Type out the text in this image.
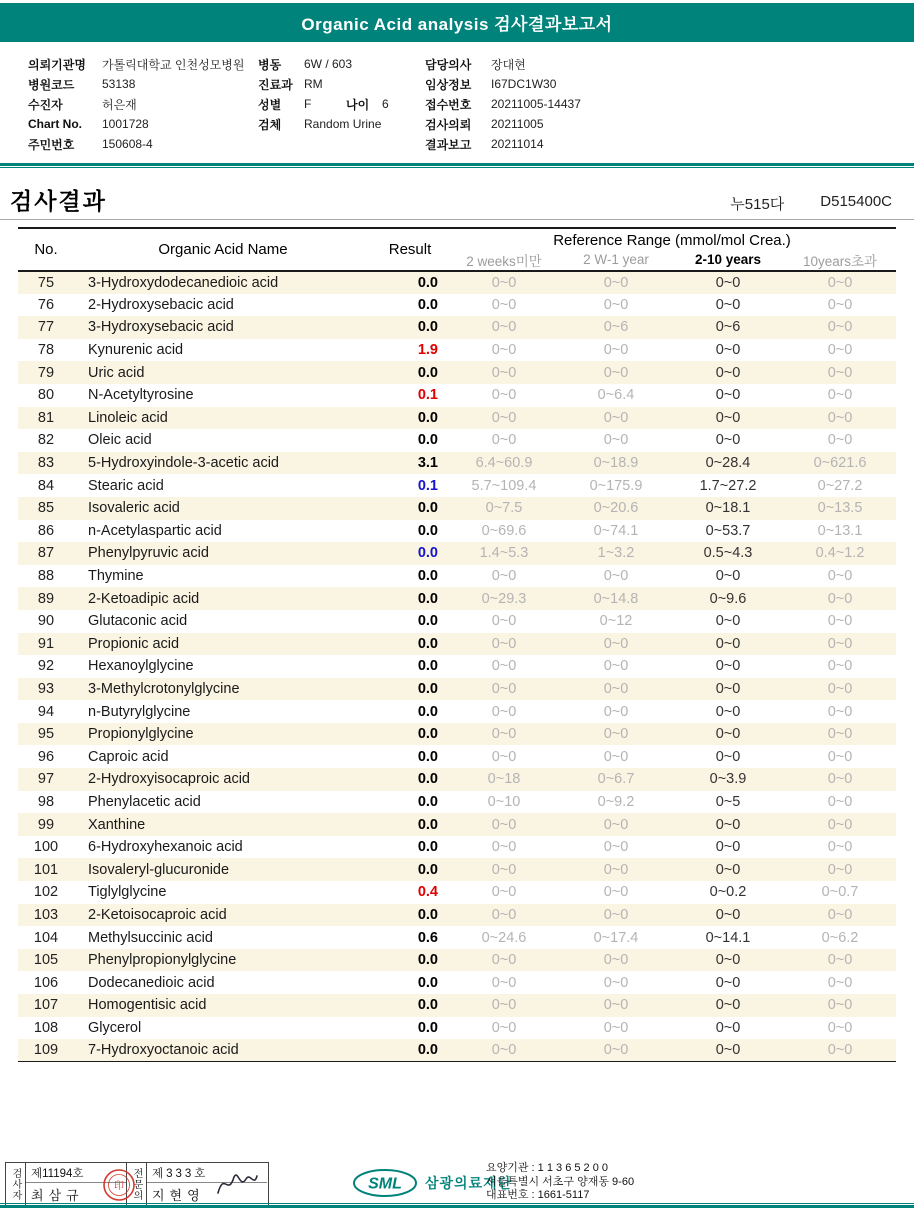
Organic Acid analysis 검사결과보고서
의뢰기관명	가톨릭대학교 인천성모병원
병원코드	53138
수진자	허은재
Chart No.	1001728
주민번호	150608-4
병동	6W / 603
진료과 RM
성별	F	나이	6
검체	Random Urine
담당의사	장대현
임상정보	I67DC1W30
접수번호	20211005-14437
검사의뢰	20211005
결과보고	20211014
검사결과	누515다 D515400C
No.	Organic Acid Name	Result	Reference Range (mmol/mol Crea.)			
			2 weeks미만	2 W-1 year	2-10 years	10years초과
75	3-Hydroxydodecanedioic acid	0.0	0~0	0~0	0~0	0~0
76	2-Hydroxysebacic acid	0.0	0~0	0~0	0~0	0~0
77	3-Hydroxysebacic acid	0.0	0~0	0~6	0~6	0~0
78	Kynurenic acid	1.9	0~0	0~0	0~0	0~0
79	Uric acid	0.0	0~0	0~0	0~0	0~0
80	N-Acetyltyrosine	0.1	0~0	0~6.4	0~0	0~0
81	Linoleic acid	0.0	0~0	0~0	0~0	0~0
82	Oleic acid	0.0	0~0	0~0	0~0	0~0
83	5-Hydroxyindole-3-acetic acid	3.1	6.4~60.9	0~18.9	0~28.4	0~621.6
84	Stearic acid	0.1	5.7~109.4	0~175.9	1.7~27.2	0~27.2
85	Isovaleric acid	0.0	0~7.5	0~20.6	0~18.1	0~13.5
86	n-Acetylaspartic acid	0.0	0~69.6	0~74.1	0~53.7	0~13.1
87	Phenylpyruvic acid	0.0	1.4~5.3	1~3.2	0.5~4.3	0.4~1.2
88	Thymine	0.0	0~0	0~0	0~0	0~0
89	2-Ketoadipic acid	0.0	0~29.3	0~14.8	0~9.6	0~0
90	Glutaconic acid	0.0	0~0	0~12	0~0	0~0
91	Propionic acid	0.0	0~0	0~0	0~0	0~0
92	Hexanoylglycine	0.0	0~0	0~0	0~0	0~0
93	3-Methylcrotonylglycine	0.0	0~0	0~0	0~0	0~0
94	n-Butyrylglycine	0.0	0~0	0~0	0~0	0~0
95	Propionylglycine	0.0	0~0	0~0	0~0	0~0
96	Caproic acid	0.0	0~0	0~0	0~0	0~0
97	2-Hydroxyisocaproic acid	0.0	0~18	0~6.7	0~3.9	0~0
98	Phenylacetic acid	0.0	0~10	0~9.2	0~5	0~0
99	Xanthine	0.0	0~0	0~0	0~0	0~0
100	6-Hydroxyhexanoic acid	0.0	0~0	0~0	0~0	0~0
101	Isovaleryl-glucuronide	0.0	0~0	0~0	0~0	0~0
102	Tiglylglycine	0.4	0~0	0~0	0~0.2	0~0.7
103	2-Ketoisocaproic acid	0.0	0~0	0~0	0~0	0~0
104	Methylsuccinic acid	0.6	0~24.6	0~17.4	0~14.1	0~6.2
105	Phenylpropionylglycine	0.0	0~0	0~0	0~0	0~0
106	Dodecanedioic acid	0.0	0~0	0~0	0~0	0~0
107	Homogentisic acid	0.0	0~0	0~0	0~0	0~0
108	Glycerol	0.0	0~0	0~0	0~0	0~0
109	7-Hydroxyoctanoic acid	0.0	0~0	0~0	0~0	0~0
검사자 제11194호
최삼규	전문의 제333호
지현영
印	SML 삼광의료재단
요양기관 : 1 1 3 6 5 2 0 0
서울특별시 서초구 양재동 9-60
대표번호 : 1661-5117
